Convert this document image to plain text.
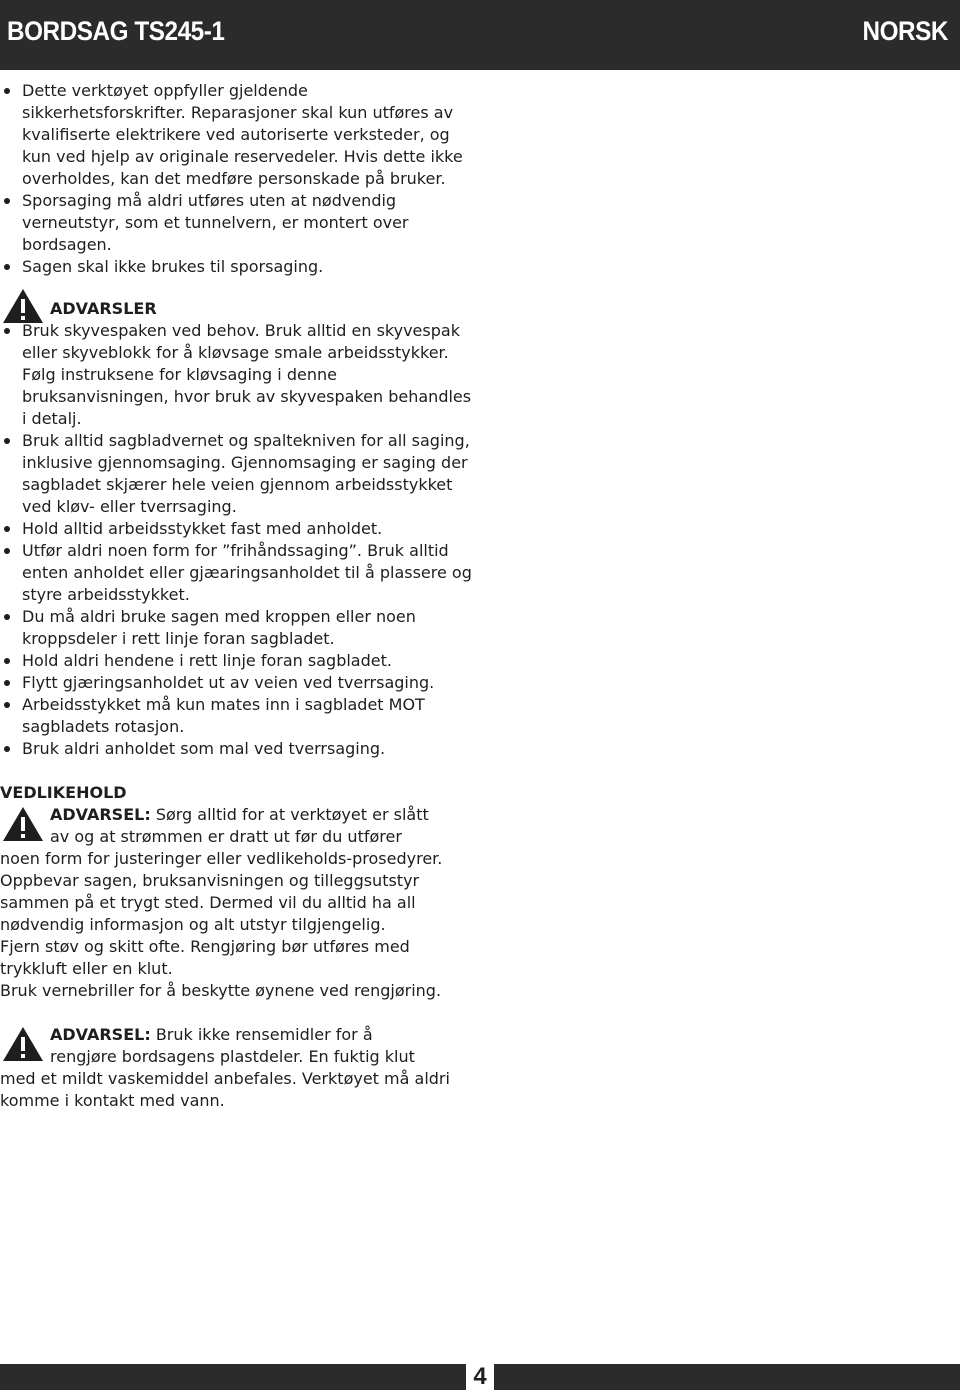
BORDSAG TS245-1	NORSK
Dette verktøyet oppfyller gjeldende sikkerhetsforskrifter. Reparasjoner skal kun utføres av kvalifiserte elektrikere ved autoriserte verksteder, og kun ved hjelp av originale reservedeler. Hvis dette ikke overholdes, kan det medføre personskade på bruker.
Sporsaging må aldri utføres uten at nødvendig verneutstyr, som et tunnelvern, er montert over bordsagen.
Sagen skal ikke brukes til sporsaging.
ADVARSLER
Bruk skyvespaken ved behov. Bruk alltid en skyvespak eller skyveblokk for å kløvsage smale arbeidsstykker. Følg instruksene for kløvsaging i denne bruksanvisningen, hvor bruk av skyvespaken behandles i detalj.
Bruk alltid sagbladvernet og spaltekniven for all saging, inklusive gjennomsaging. Gjennomsaging er saging der sagbladet skjærer hele veien gjennom arbeidsstykket ved kløv- eller tverrsaging.
Hold alltid arbeidsstykket fast med anholdet.
Utfør aldri noen form for ”frihåndssaging”. Bruk alltid enten anholdet eller gjæaringsanholdet til å plassere og styre arbeidsstykket.
Du må aldri bruke sagen med kroppen eller noen kroppsdeler i rett linje foran sagbladet.
Hold aldri hendene i rett linje foran sagbladet.
Flytt gjæringsanholdet ut av veien ved tverrsaging.
Arbeidsstykket må kun mates inn i sagbladet MOT sagbladets rotasjon.
Bruk aldri anholdet som mal ved tverrsaging.
VEDLIKEHOLD
ADVARSEL: Sørg alltid for at verktøyet er slått
av og at strømmen er dratt ut før du utfører
noen form for justeringer eller vedlikeholds-prosedyrer.
Oppbevar sagen, bruksanvisningen og tilleggsutstyr sammen på et trygt sted. Dermed vil du alltid ha all nødvendig informasjon og alt utstyr tilgjengelig.
Fjern støv og skitt ofte. Rengjøring bør utføres med trykkluft eller en klut.
Bruk vernebriller for å beskytte øynene ved rengjøring.
ADVARSEL: Bruk ikke rensemidler for å
rengjøre bordsagens plastdeler. En fuktig klut
med et mildt vaskemiddel anbefales. Verktøyet må aldri komme i kontakt med vann.
4
